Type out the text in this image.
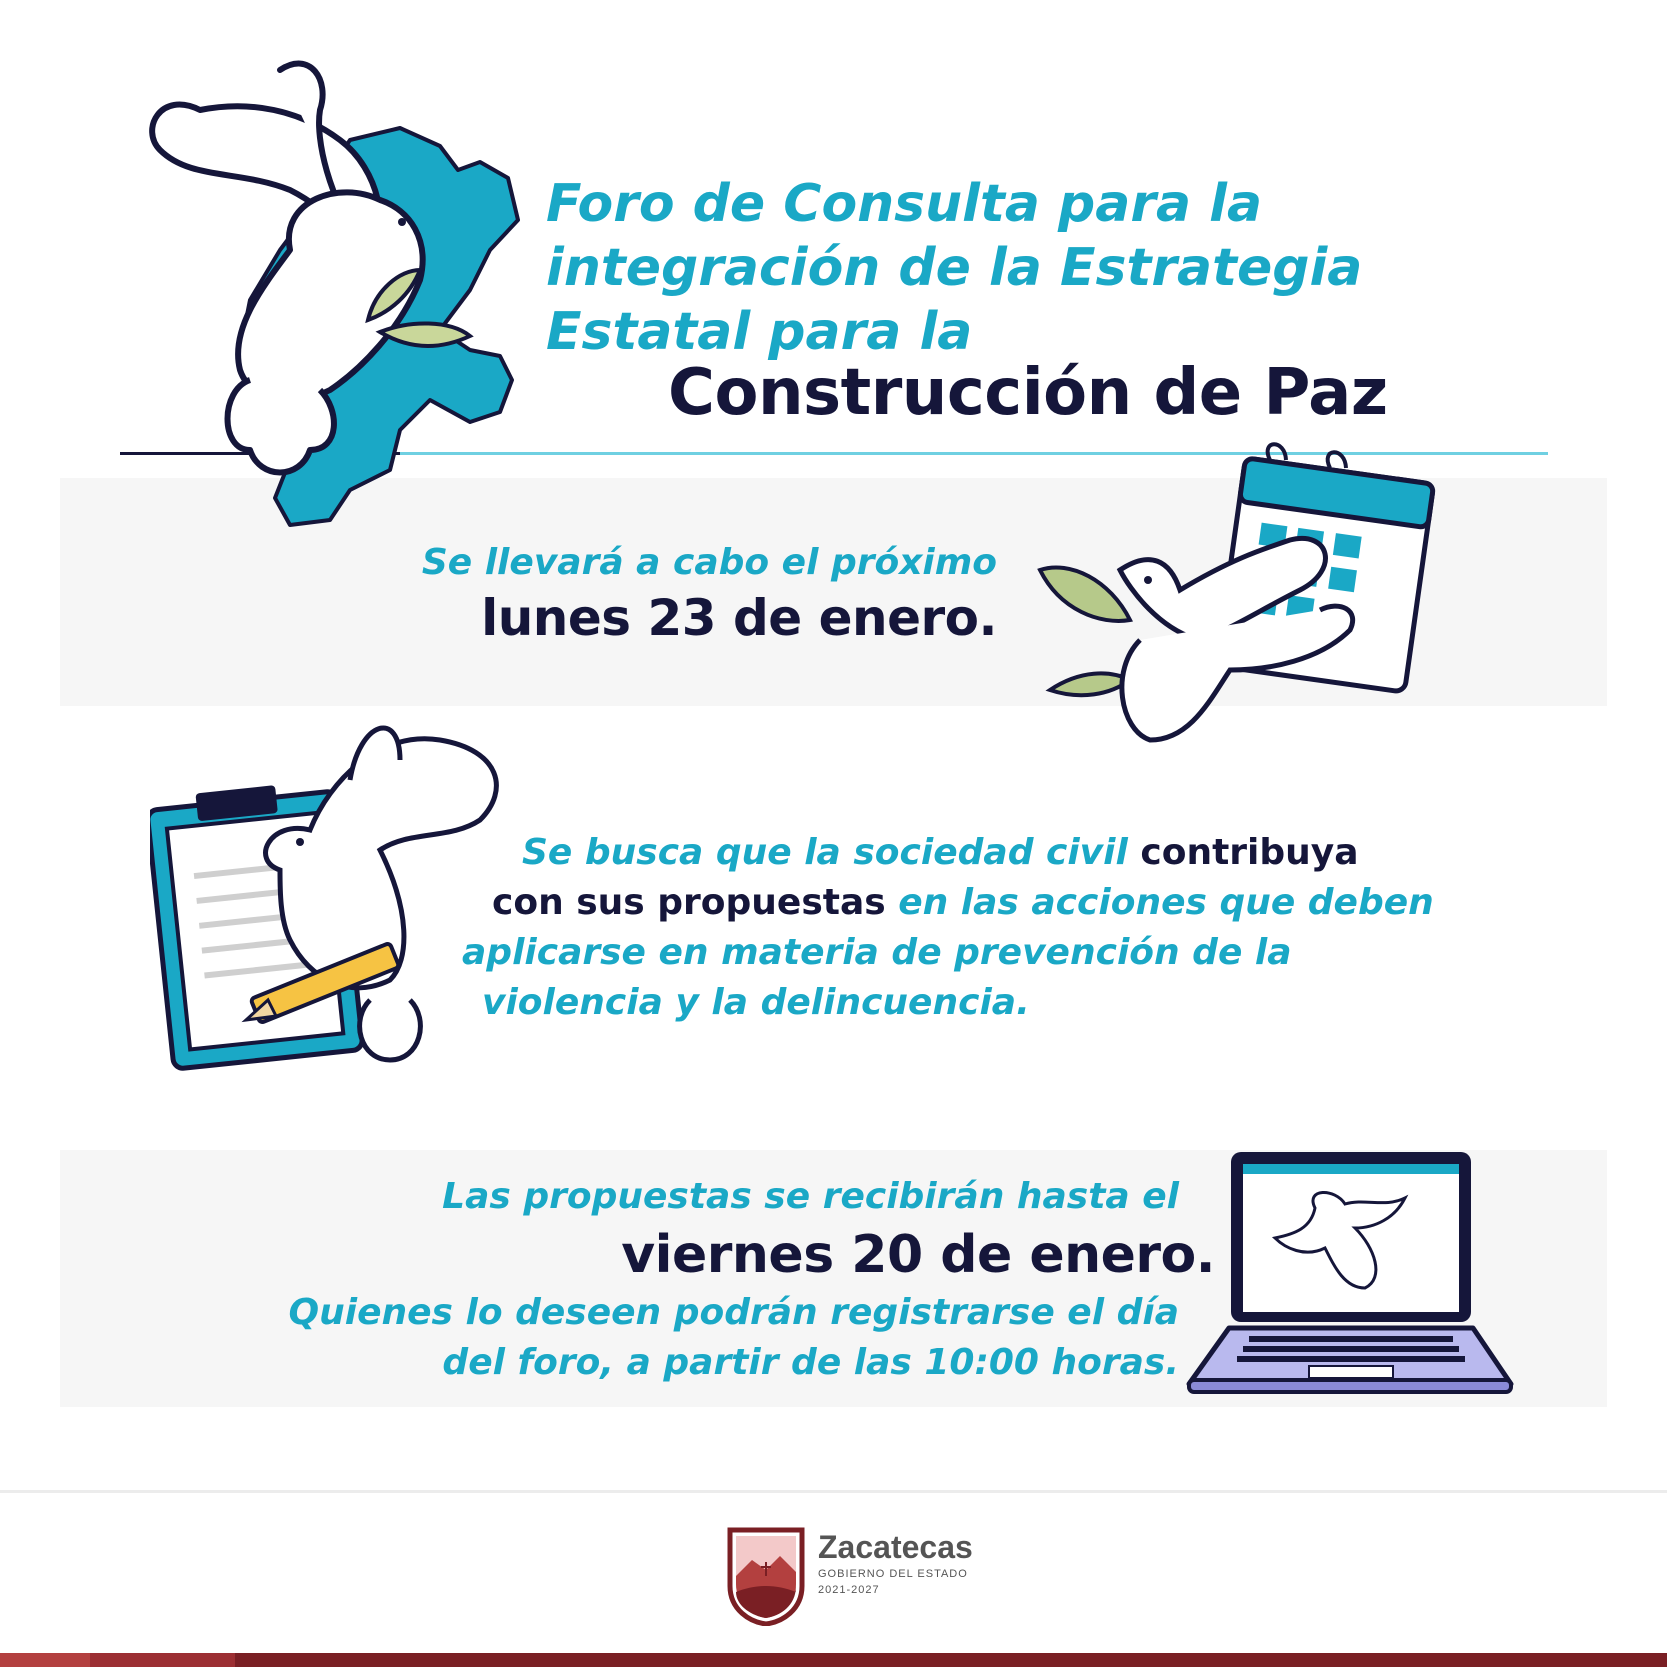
Foro de Consulta para la
integración de la Estrategia
Estatal para la
Construcción de Paz
Se llevará a cabo el próximo
lunes 23 de enero.
Se busca que la sociedad civil contribuya
con sus propuestas en las acciones que deben
aplicarse en materia de prevención de la
violencia y la delincuencia.
Las propuestas se recibirán hasta el
viernes 20 de enero.
Quienes lo deseen podrán registrarse el día
del foro, a partir de las 10:00 horas.
Zacatecas
GOBIERNO DEL ESTADO
2021-2027
